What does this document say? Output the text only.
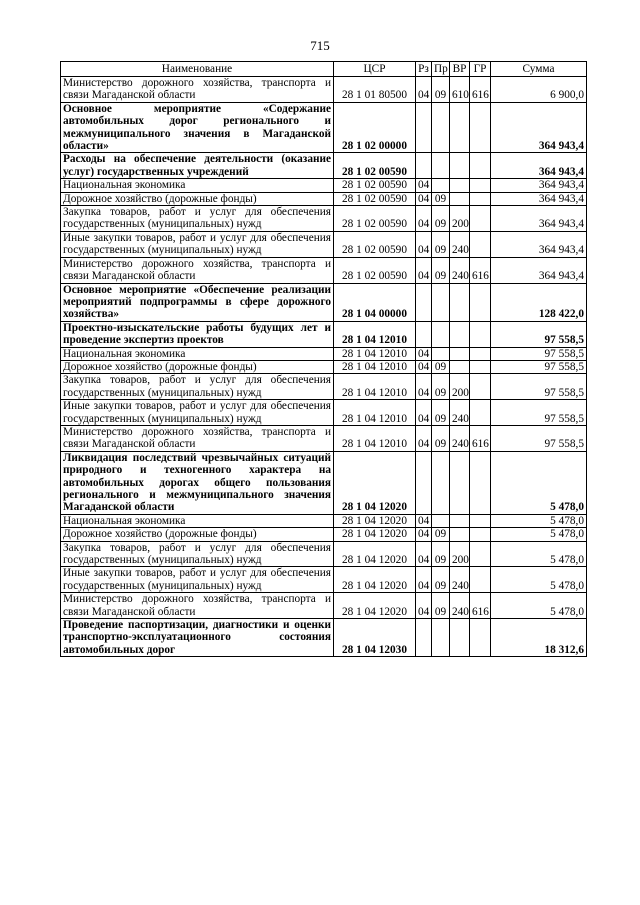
715
Наименование	ЦСР	Рз	Пр	ВР	ГР	Сумма
Министерство дорожного хозяйства, транспорта и связи Магаданской области	28 1 01 80500	04	09	610	616	6 900,0
Основное мероприятие «Содержание автомобильных дорог регионального и межмуниципального значения в Магаданской области»	28 1 02 00000					364 943,4
Расходы на обеспечение деятельности (оказание услуг) государственных учреждений	28 1 02 00590					364 943,4
Национальная экономика	28 1 02 00590	04				364 943,4
Дорожное хозяйство (дорожные фонды)	28 1 02 00590	04	09			364 943,4
Закупка товаров, работ и услуг для обеспечения государственных (муниципальных) нужд	28 1 02 00590	04	09	200		364 943,4
Иные закупки товаров, работ и услуг для обеспечения государственных (муниципальных) нужд	28 1 02 00590	04	09	240		364 943,4
Министерство дорожного хозяйства, транспорта и связи Магаданской области	28 1 02 00590	04	09	240	616	364 943,4
Основное мероприятие «Обеспечение реализации мероприятий подпрограммы в сфере дорожного хозяйства»	28 1 04 00000					128 422,0
Проектно-изыскательские работы будущих лет и проведение экспертиз проектов	28 1 04 12010					97 558,5
Национальная экономика	28 1 04 12010	04				97 558,5
Дорожное хозяйство (дорожные фонды)	28 1 04 12010	04	09			97 558,5
Закупка товаров, работ и услуг для обеспечения государственных (муниципальных) нужд	28 1 04 12010	04	09	200		97 558,5
Иные закупки товаров, работ и услуг для обеспечения государственных (муниципальных) нужд	28 1 04 12010	04	09	240		97 558,5
Министерство дорожного хозяйства, транспорта и связи Магаданской области	28 1 04 12010	04	09	240	616	97 558,5
Ликвидация последствий чрезвычайных ситуаций природного и техногенного характера на автомобильных дорогах общего пользования регионального и межмуниципального значения Магаданской области	28 1 04 12020					5 478,0
Национальная экономика	28 1 04 12020	04				5 478,0
Дорожное хозяйство (дорожные фонды)	28 1 04 12020	04	09			5 478,0
Закупка товаров, работ и услуг для обеспечения государственных (муниципальных) нужд	28 1 04 12020	04	09	200		5 478,0
Иные закупки товаров, работ и услуг для обеспечения государственных (муниципальных) нужд	28 1 04 12020	04	09	240		5 478,0
Министерство дорожного хозяйства, транспорта и связи Магаданской области	28 1 04 12020	04	09	240	616	5 478,0
Проведение паспортизации, диагностики и оценки транспортно-эксплуатационного состояния автомобильных дорог	28 1 04 12030					18 312,6
